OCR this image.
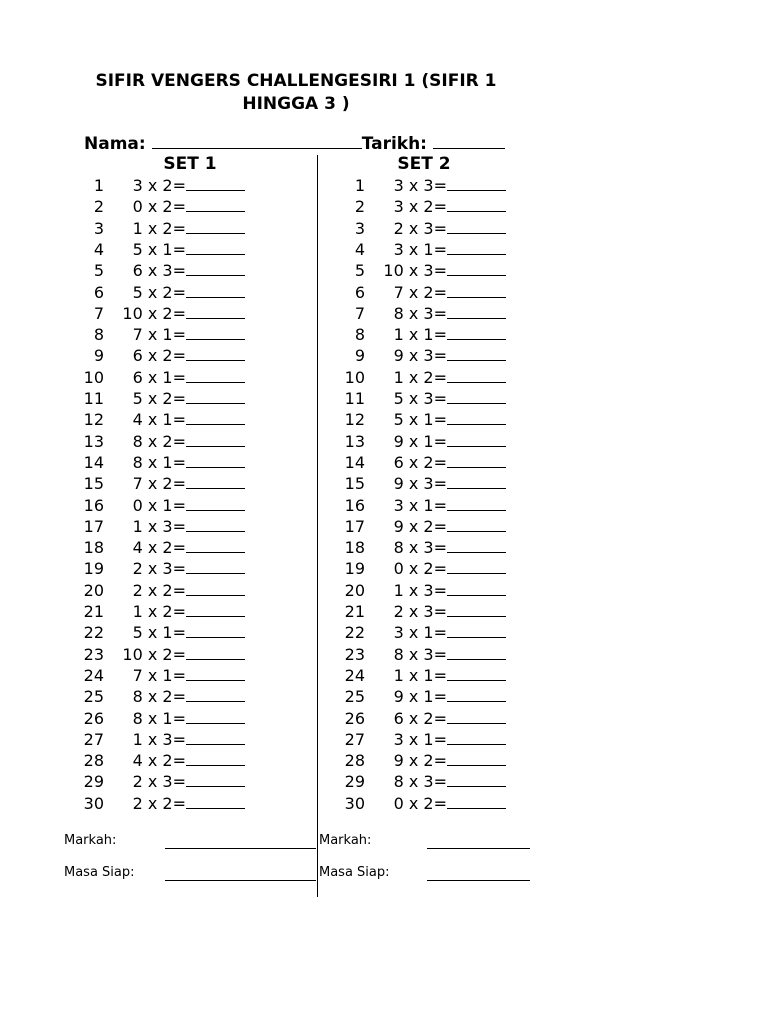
SIFIR VENGERS CHALLENGESIRI 1 (SIFIR 1 HINGGA 3 )
Nama:	Tarikh:
SET 1	SET 2
1	3 x 2=
2	0 x 2=
3	1 x 2=
4	5 x 1=
5	6 x 3=
6	5 x 2=
7	10 x 2=
8	7 x 1=
9	6 x 2=
10	6 x 1=
11	5 x 2=
12	4 x 1=
13	8 x 2=
14	8 x 1=
15	7 x 2=
16	0 x 1=
17	1 x 3=
18	4 x 2=
19	2 x 3=
20	2 x 2=
21	1 x 2=
22	5 x 1=
23	10 x 2=
24	7 x 1=
25	8 x 2=
26	8 x 1=
27	1 x 3=
28	4 x 2=
29	2 x 3=
30	2 x 2=
1	3 x 3=
2	3 x 2=
3	2 x 3=
4	3 x 1=
5	10 x 3=
6	7 x 2=
7	8 x 3=
8	1 x 1=
9	9 x 3=
10	1 x 2=
11	5 x 3=
12	5 x 1=
13	9 x 1=
14	6 x 2=
15	9 x 3=
16	3 x 1=
17	9 x 2=
18	8 x 3=
19	0 x 2=
20	1 x 3=
21	2 x 3=
22	3 x 1=
23	8 x 3=
24	1 x 1=
25	9 x 1=
26	6 x 2=
27	3 x 1=
28	9 x 2=
29	8 x 3=
30	0 x 2=
Markah:
Masa Siap:
Markah:
Masa Siap:
